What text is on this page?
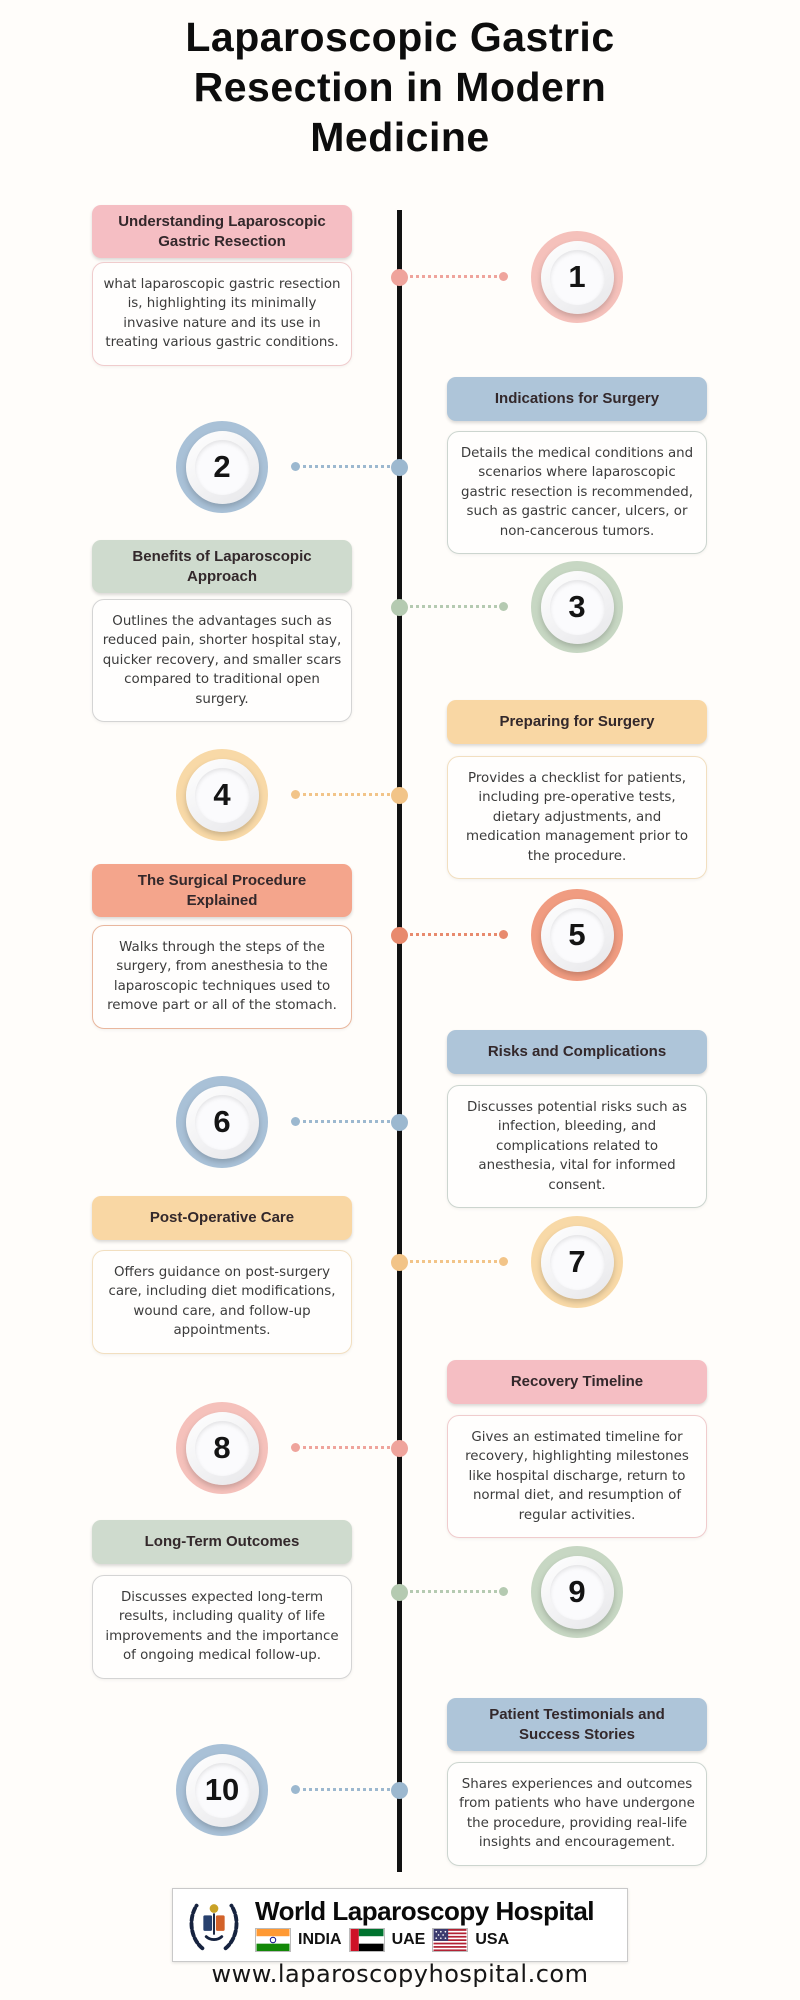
Laparoscopic Gastric Resection in Modern Medicine
Understanding Laparoscopic Gastric Resection
what laparoscopic gastric resection is, highlighting its minimally invasive nature and its use in treating various gastric conditions.
1
Indications for Surgery
Details the medical conditions and scenarios where laparoscopic gastric resection is recommended, such as gastric cancer, ulcers, or non-cancerous tumors.
2
Benefits of Laparoscopic Approach
Outlines the advantages such as reduced pain, shorter hospital stay, quicker recovery, and smaller scars compared to traditional open surgery.
3
Preparing for Surgery
Provides a checklist for patients, including pre-operative tests, dietary adjustments, and medication management prior to the procedure.
4
The Surgical Procedure Explained
Walks through the steps of the surgery, from anesthesia to the laparoscopic techniques used to remove part or all of the stomach.
5
Risks and Complications
Discusses potential risks such as infection, bleeding, and complications related to anesthesia, vital for informed consent.
6
Post-Operative Care
Offers guidance on post-surgery care, including diet modifications, wound care, and follow-up appointments.
7
Recovery Timeline
Gives an estimated timeline for recovery, highlighting milestones like hospital discharge, return to normal diet, and resumption of regular activities.
8
Long-Term Outcomes
Discusses expected long-term results, including quality of life improvements and the importance of ongoing medical follow-up.
9
Patient Testimonials and Success Stories
Shares experiences and outcomes from patients who have undergone the procedure, providing real-life insights and encouragement.
10
World Laparoscopy Hospital
INDIA	UAE	USA
www.laparoscopyhospital.com
